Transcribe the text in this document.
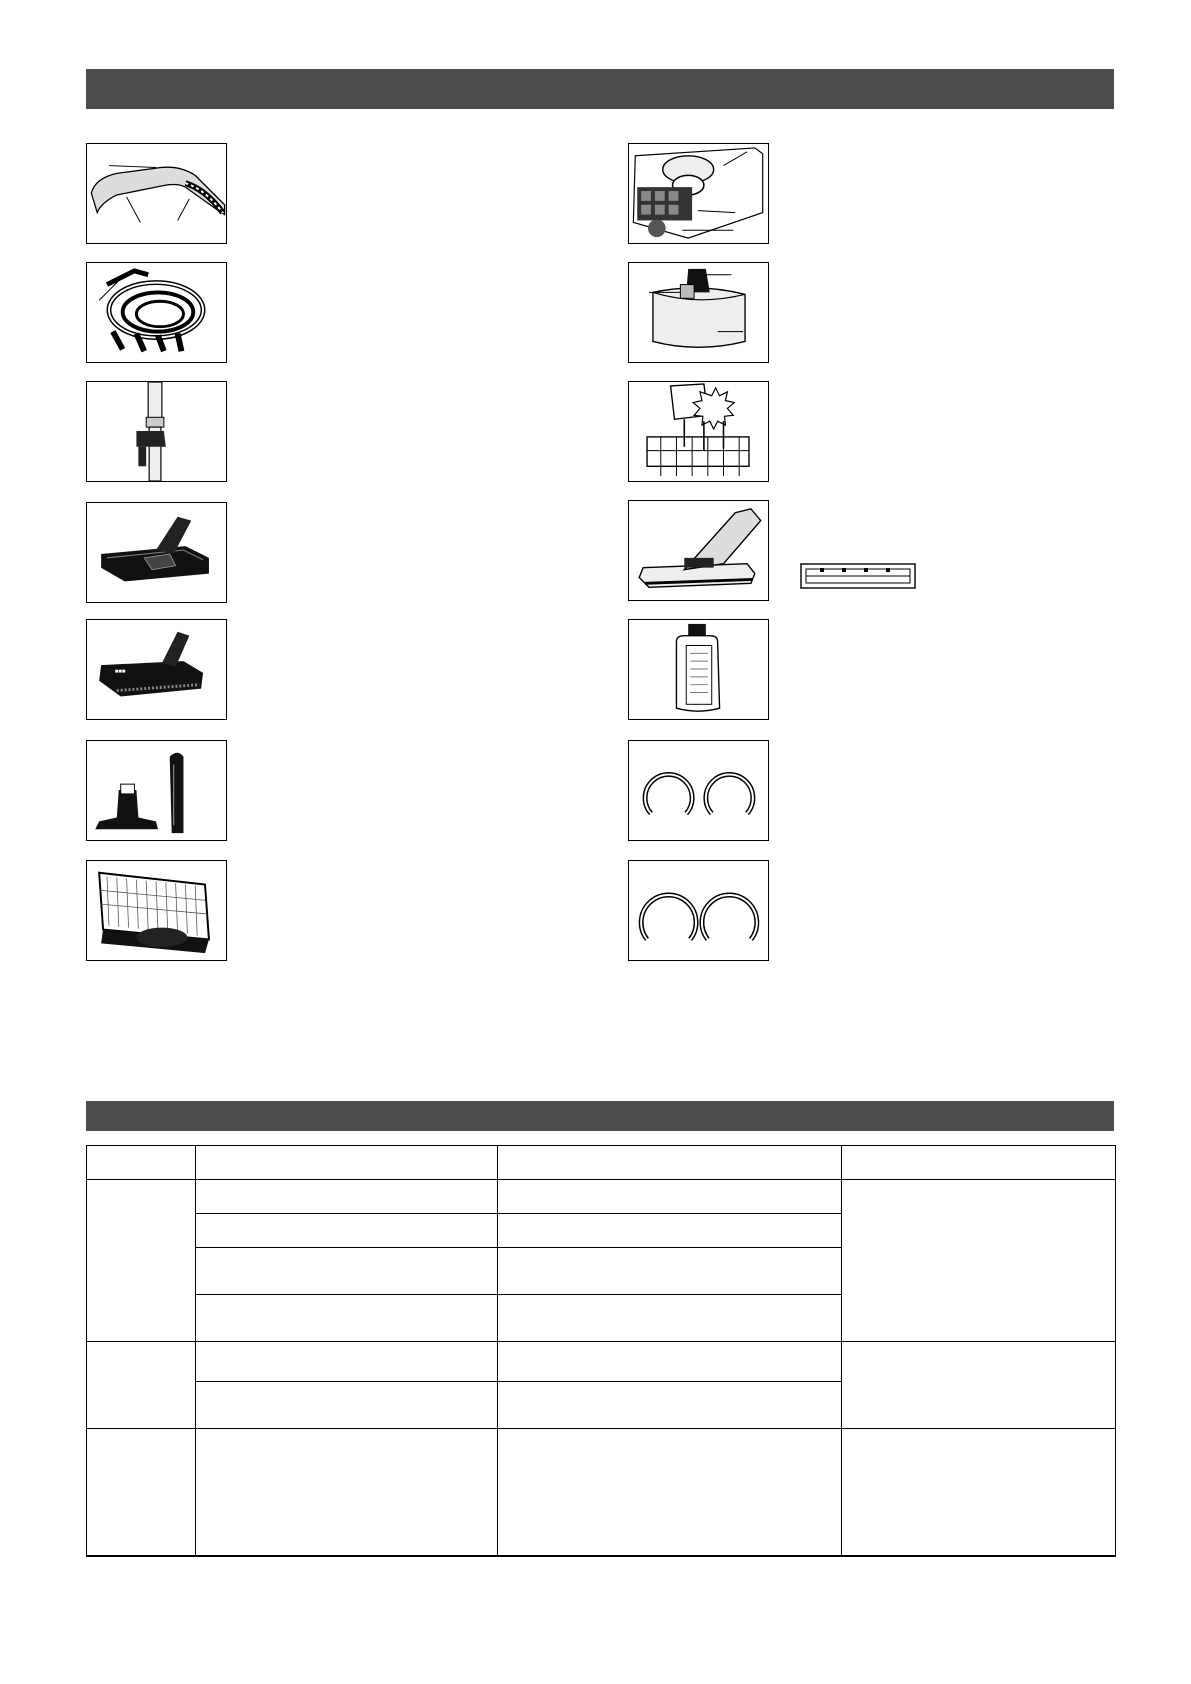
■■■
